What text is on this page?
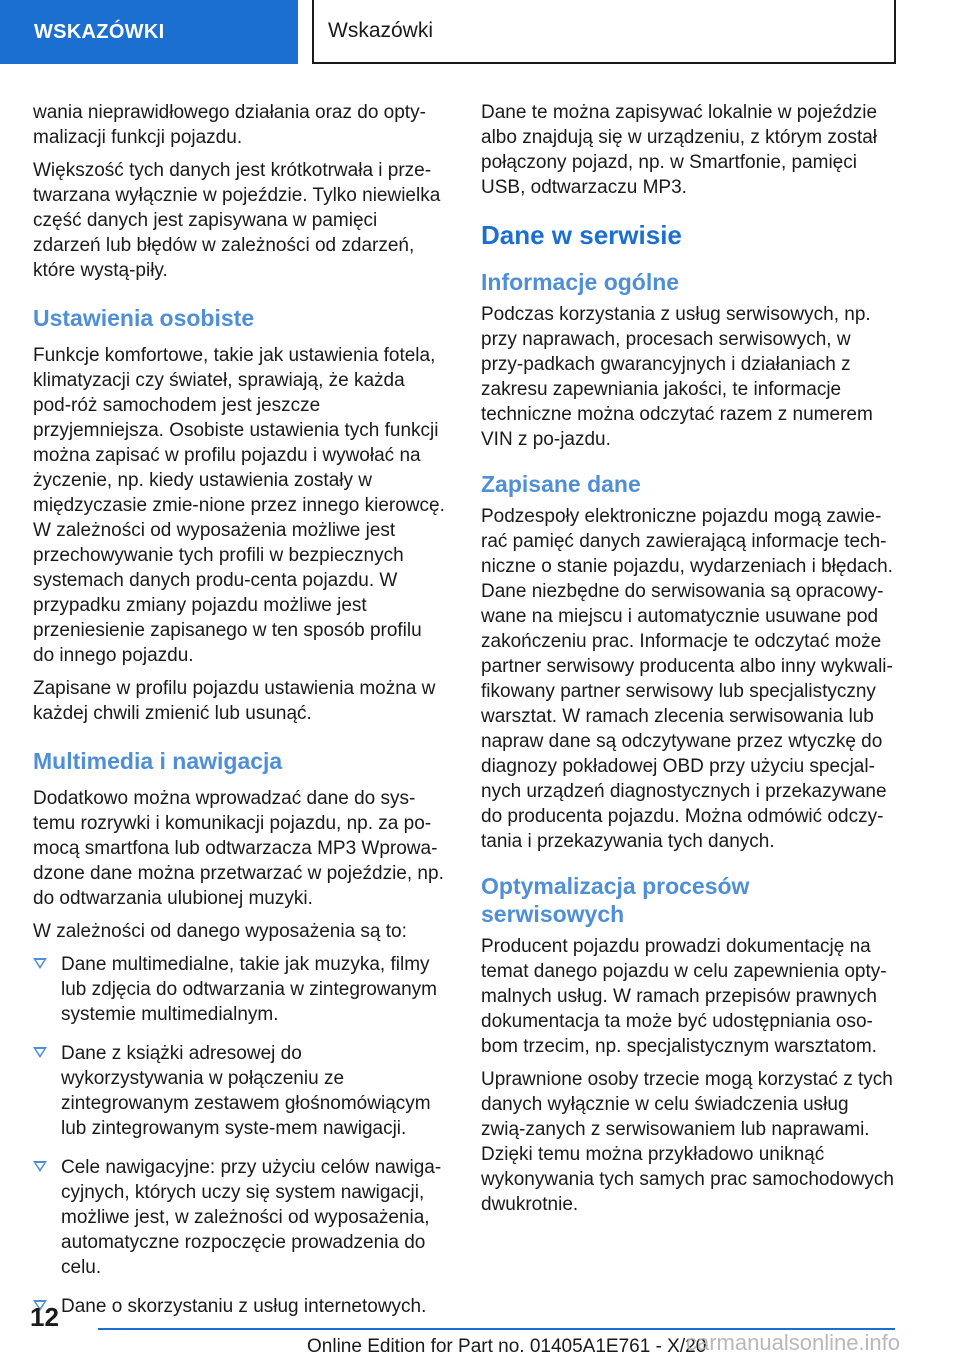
WSKAZÓWKI	Wskazówki

wania nieprawidłowego działania oraz do opty-malizacji funkcji pojazdu.

Większość tych danych jest krótkotrwała i prze-twarzana wyłącznie w pojeździe. Tylko niewielka część danych jest zapisywana w pamięci zdarzeń lub błędów w zależności od zdarzeń, które wystą-piły.

Ustawienia osobiste

Funkcje komfortowe, takie jak ustawienia fotela, klimatyzacji czy świateł, sprawiają, że każda pod-róż samochodem jest jeszcze przyjemniejsza. Osobiste ustawienia tych funkcji można zapisać w profilu pojazdu i wywołać na życzenie, np. kiedy ustawienia zostały w międzyczasie zmie-nione przez innego kierowcę. W zależności od wyposażenia możliwe jest przechowywanie tych profili w bezpiecznych systemach danych produ-centa pojazdu. W przypadku zmiany pojazdu możliwe jest przeniesienie zapisanego w ten sposób profilu do innego pojazdu.

Zapisane w profilu pojazdu ustawienia można w każdej chwili zmienić lub usunąć.

Multimedia i nawigacja

Dodatkowo można wprowadzać dane do sys-temu rozrywki i komunikacji pojazdu, np. za po-mocą smartfona lub odtwarzacza MP3 Wprowa-dzone dane można przetwarzać w pojeździe, np. do odtwarzania ulubionej muzyki.

W zależności od danego wyposażenia są to:

Dane multimedialne, takie jak muzyka, filmy lub zdjęcia do odtwarzania w zintegrowanym systemie multimedialnym.
Dane z książki adresowej do wykorzystywania w połączeniu ze zintegrowanym zestawem głośnomówiącym lub zintegrowanym syste-mem nawigacji.
Cele nawigacyjne: przy użyciu celów nawiga-cyjnych, których uczy się system nawigacji, możliwe jest, w zależności od wyposażenia, automatyczne rozpoczęcie prowadzenia do celu.
Dane o skorzystaniu z usług internetowych.

Dane te można zapisywać lokalnie w pojeździe albo znajdują się w urządzeniu, z którym został połączony pojazd, np. w Smartfonie, pamięci USB, odtwarzaczu MP3.

Dane w serwisie
Informacje ogólne

Podczas korzystania z usług serwisowych, np. przy naprawach, procesach serwisowych, w przy-padkach gwarancyjnych i działaniach z zakresu zapewniania jakości, te informacje techniczne można odczytać razem z numerem VIN z po-jazdu.

Zapisane dane

Podzespoły elektroniczne pojazdu mogą zawie-rać pamięć danych zawierającą informacje tech-niczne o stanie pojazdu, wydarzeniach i błędach. Dane niezbędne do serwisowania są opracowy-wane na miejscu i automatycznie usuwane pod zakończeniu prac. Informacje te odczytać może partner serwisowy producenta albo inny wykwali-fikowany partner serwisowy lub specjalistyczny warsztat. W ramach zlecenia serwisowania lub napraw dane są odczytywane przez wtyczkę do diagnozy pokładowej OBD przy użyciu specjal-nych urządzeń diagnostycznych i przekazywane do producenta pojazdu. Można odmówić odczy-tania i przekazywania tych danych.

Optymalizacja procesów serwisowych

Producent pojazdu prowadzi dokumentację na temat danego pojazdu w celu zapewnienia opty-malnych usług. W ramach przepisów prawnych dokumentacja ta może być udostępniania oso-bom trzecim, np. specjalistycznym warsztatom.

Uprawnione osoby trzecie mogą korzystać z tych danych wyłącznie w celu świadczenia usług zwią-zanych z serwisowaniem lub naprawami. Dzięki temu można przykładowo uniknąć wykonywania tych samych prac samochodowych dwukrotnie.

12
Online Edition for Part no. 01405A1E761 - X/20
carmanualsonline.info
